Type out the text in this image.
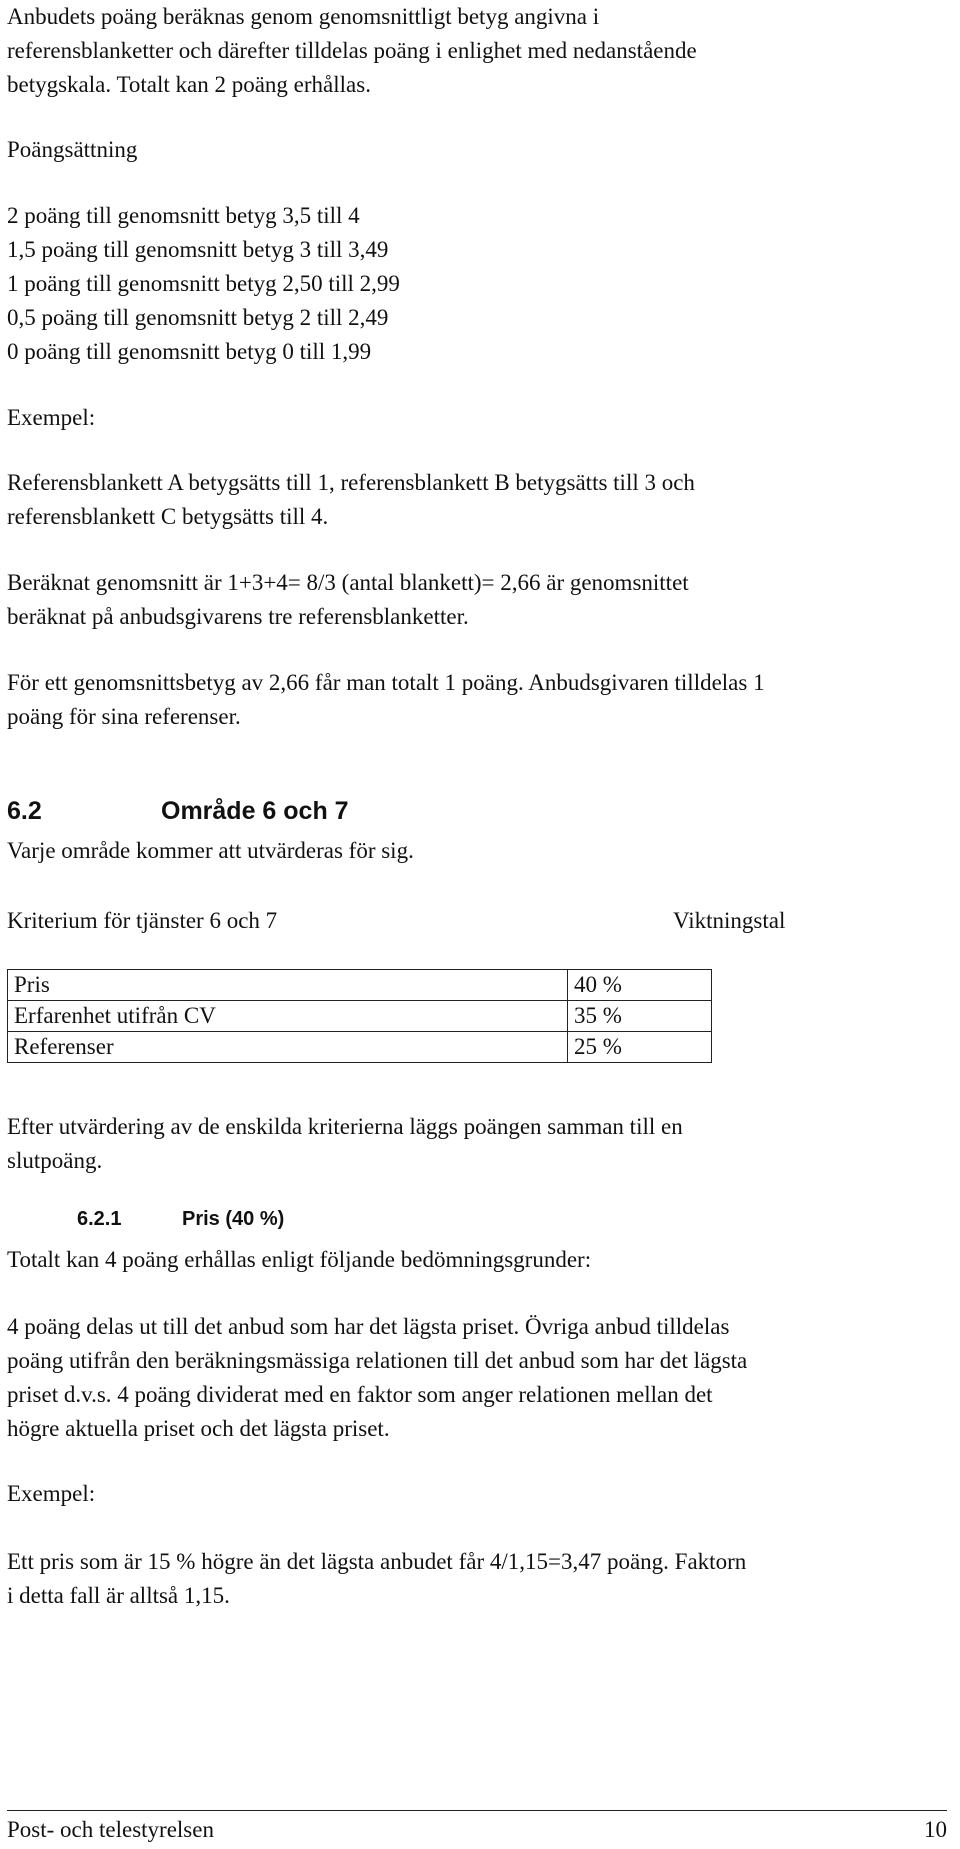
Anbudets poäng beräknas genom genomsnittligt betyg angivna i
referensblanketter och därefter tilldelas poäng i enlighet med nedanstående
betygskala. Totalt kan 2 poäng erhållas.

Poängsättning

2 poäng till genomsnitt betyg 3,5 till 4
1,5 poäng till genomsnitt betyg 3 till 3,49
1 poäng till genomsnitt betyg 2,50 till 2,99
0,5 poäng till genomsnitt betyg 2 till 2,49
0 poäng till genomsnitt betyg 0 till 1,99

Exempel:

Referensblankett A betygsätts till 1, referensblankett B betygsätts till 3 och
referensblankett C betygsätts till 4.

Beräknat genomsnitt är 1+3+4= 8/3 (antal blankett)= 2,66 är genomsnittet
beräknat på anbudsgivarens tre referensblanketter.

För ett genomsnittsbetyg av 2,66 får man totalt 1 poäng. Anbudsgivaren tilldelas 1
poäng för sina referenser.

6.2	Område 6 och 7

Varje område kommer att utvärderas för sig.

Kriterium för tjänster 6 och 7	Viktningstal
Pris	40 %
Erfarenhet utifrån CV	35 %
Referenser	25 %

Efter utvärdering av de enskilda kriterierna läggs poängen samman till en
slutpoäng.

6.2.1	Pris (40 %)

Totalt kan 4 poäng erhållas enligt följande bedömningsgrunder:

4 poäng delas ut till det anbud som har det lägsta priset. Övriga anbud tilldelas
poäng utifrån den beräkningsmässiga relationen till det anbud som har det lägsta
priset d.v.s. 4 poäng dividerat med en faktor som anger relationen mellan det
högre aktuella priset och det lägsta priset.

Exempel:

Ett pris som är 15 % högre än det lägsta anbudet får 4/1,15=3,47 poäng. Faktorn
i detta fall är alltså 1,15.

Post- och telestyrelsen	10
